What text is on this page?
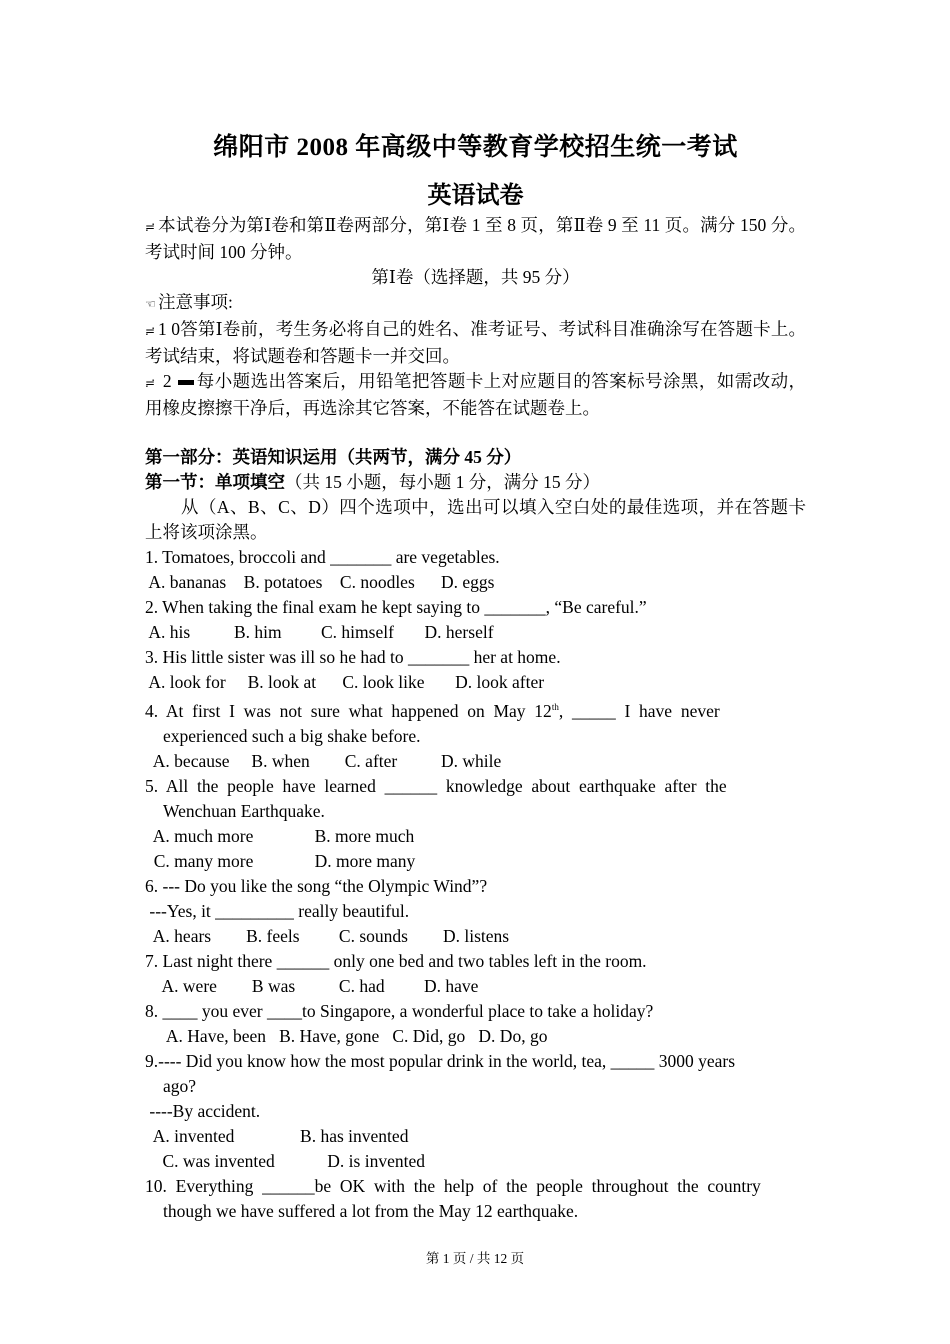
绵阳市 2008 年高级中等教育学校招生统一考试
英语试卷

≓ 本试卷分为第Ⅰ卷和第Ⅱ卷两部分，第Ⅰ卷 1 至 8 页，第Ⅱ卷 9 至 11 页。满分 150 分。考试时间 100 分钟。

第Ⅰ卷（选择题，共 95 分）

☜ 注意事项:

≓ 1 0答第Ⅰ卷前，考生务必将自己的姓名、准考证号、考试科目准确涂写在答题卡上。考试结束，将试题卷和答题卡一并交回。

≓ 2 每小题选出答案后，用铅笔把答题卡上对应题目的答案标号涂黑，如需改动，用橡皮擦擦干净后，再选涂其它答案，不能答在试题卷上。

第一部分：英语知识运用（共两节，满分 45 分）

第一节：单项填空（共 15 小题，每小题 1 分，满分 15 分）

从（A、B、C、D）四个选项中，选出可以填入空白处的最佳选项，并在答题卡上将该项涂黑。

1. Tomatoes, broccoli and _______ are vegetables.

A. bananas    B. potatoes    C. noodles      D. eggs

2. When taking the final exam he kept saying to _______, “Be careful.”

A. his          B. him         C. himself       D. herself

3. His little sister was ill so he had to _______ her at home.

A. look for     B. look at      C. look like       D. look after

4.  At  first  I  was  not  sure  what  happened  on  May  12th,  _____  I  have  never

experienced such a big shake before.

A. because     B. when        C. after          D. while

5.  All  the  people  have  learned  ______  knowledge  about  earthquake  after  the

Wenchuan Earthquake.

A. much more              B. more much

C. many more              D. more many

6. --- Do you like the song “the Olympic Wind”?

---Yes, it _________ really beautiful.

A. hears        B. feels         C. sounds        D. listens

7. Last night there ______ only one bed and two tables left in the room.

A. were        B was          C. had         D. have

8. ____ you ever ____to Singapore, a wonderful place to take a holiday?

A. Have, been   B. Have, gone   C. Did, go   D. Do, go

9.---- Did you know how the most popular drink in the world, tea, _____ 3000 years

ago?

----By accident.

A. invented               B. has invented

C. was invented            D. is invented

10.  Everything  ______be  OK  with  the  help  of  the  people  throughout  the  country

though we have suffered a lot from the May 12 earthquake.

第 1 页 / 共 12 页
